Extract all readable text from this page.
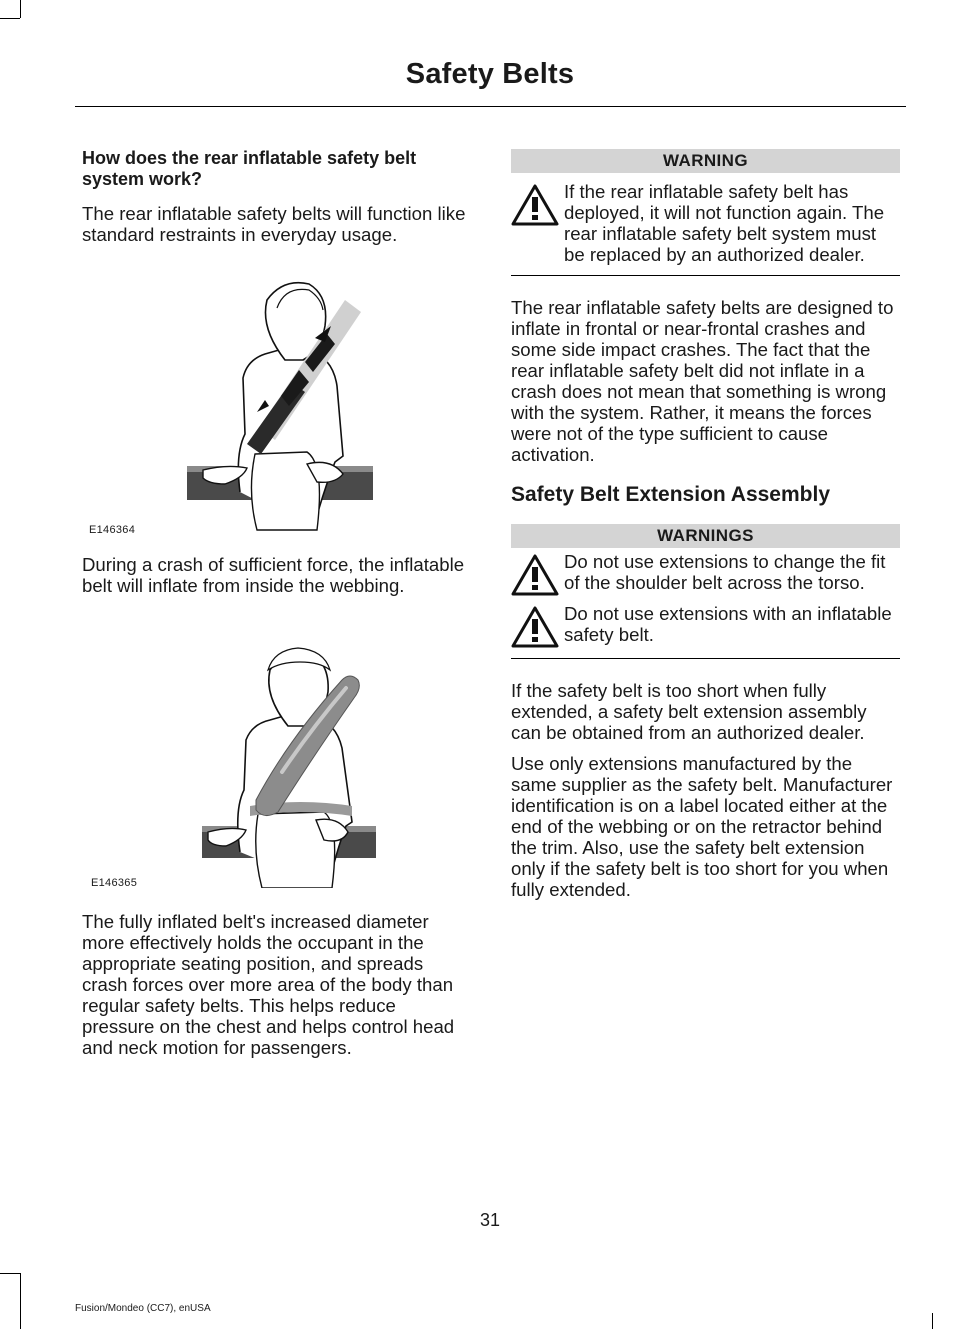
Safety Belts

How does the rear inflatable safety belt system work?

The rear inflatable safety belts will function like standard restraints in everyday usage.

E146364

During a crash of sufficient force, the inflatable belt will inflate from inside the webbing.

E146365

The fully inflated belt's increased diameter more effectively holds the occupant in the appropriate seating position, and spreads crash forces over more area of the body than regular safety belts. This helps reduce pressure on the chest and helps control head and neck motion for passengers.

WARNING
If the rear inflatable safety belt has deployed, it will not function again. The rear inflatable safety belt system must be replaced by an authorized dealer.

The rear inflatable safety belts are designed to inflate in frontal or near-frontal crashes and some side impact crashes. The fact that the rear inflatable safety belt did not inflate in a crash does not mean that something is wrong with the system. Rather, it means the forces were not of the type sufficient to cause activation.

Safety Belt Extension Assembly

WARNINGS
Do not use extensions to change the fit of the shoulder belt across the torso.
Do not use extensions with an inflatable safety belt.

If the safety belt is too short when fully extended, a safety belt extension assembly can be obtained from an authorized dealer.

Use only extensions manufactured by the same supplier as the safety belt. Manufacturer identification is on a label located either at the end of the webbing or on the retractor behind the trim. Also, use the safety belt extension only if the safety belt is too short for you when fully extended.

31
Fusion/Mondeo (CC7), enUSA
